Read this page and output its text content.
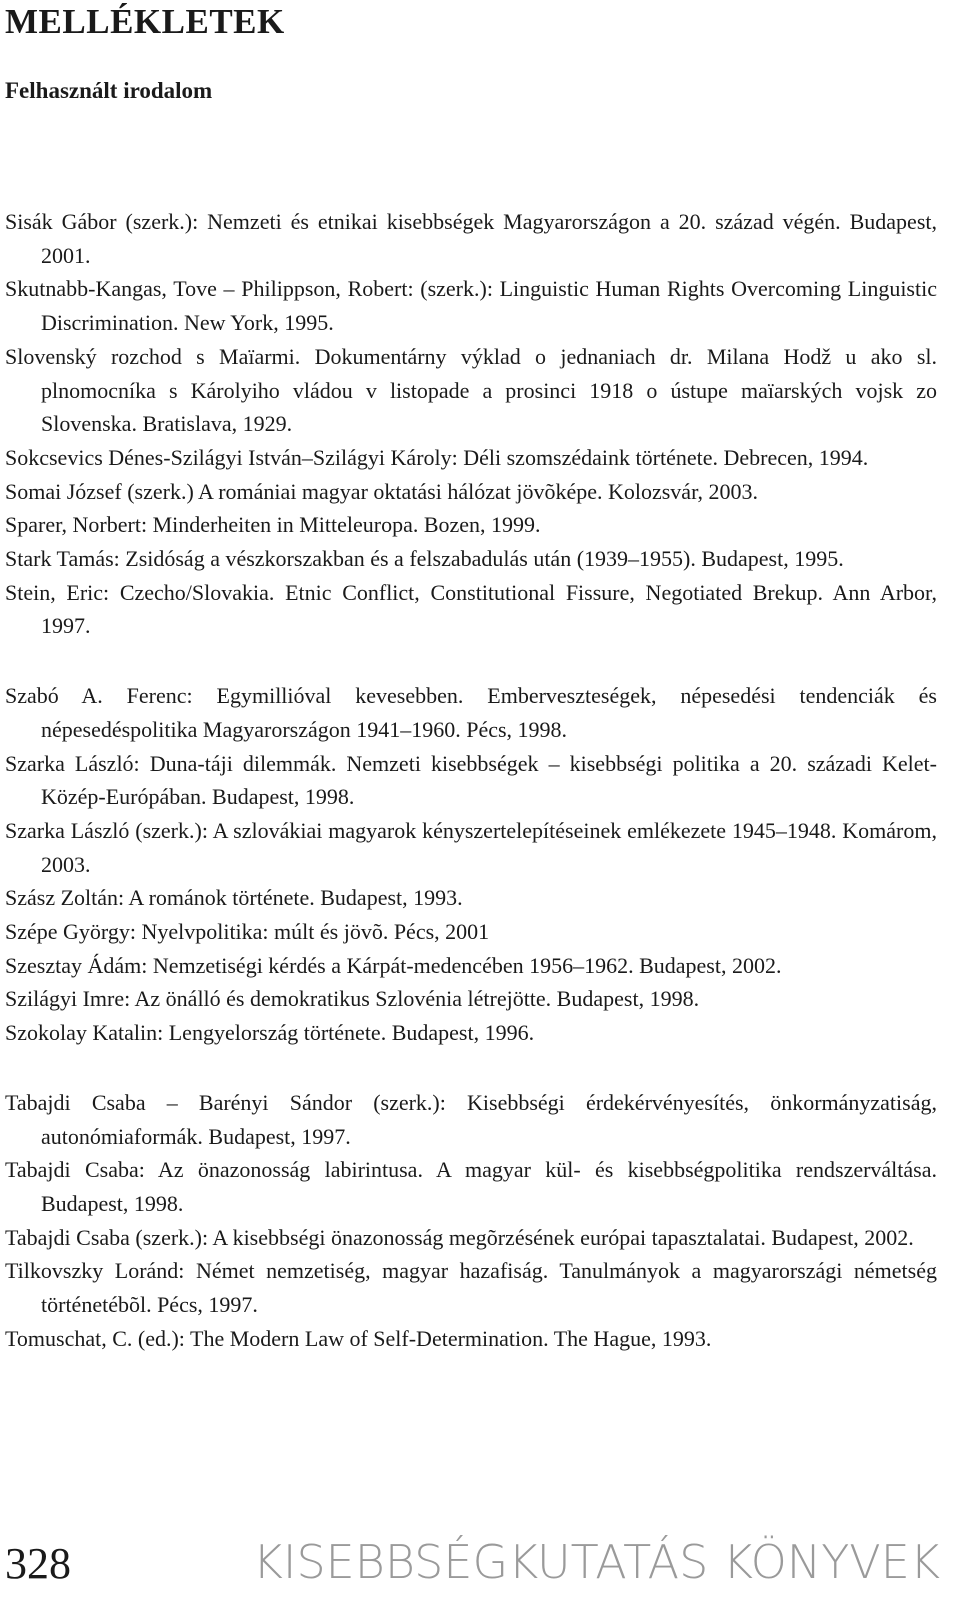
MELLÉKLETEK
Felhasznált irodalom

Sisák Gábor (szerk.): Nemzeti és etnikai kisebbségek Magyarországon a 20. század végén. Budapest, 2001.

Skutnabb-Kangas, Tove – Philippson, Robert: (szerk.): Linguistic Human Rights Overcoming Linguistic Discrimination. New York, 1995.

Slovenský rozchod s Maïarmi. Dokumentárny výklad o jednaniach dr. Milana Hodž u ako sl. plnomocníka s Károlyiho vládou v listopade a prosinci 1918 o ústupe maïarských vojsk zo Slovenska. Bratislava, 1929.

Sokcsevics Dénes-Szilágyi István–Szilágyi Károly: Déli szomszédaink története. Debrecen, 1994.

Somai József (szerk.) A romániai magyar oktatási hálózat jövõképe. Kolozsvár, 2003.

Sparer, Norbert: Minderheiten in Mitteleuropa. Bozen, 1999.

Stark Tamás: Zsidóság a vészkorszakban és a felszabadulás után (1939–1955). Budapest, 1995.

Stein, Eric: Czecho/Slovakia. Etnic Conflict, Constitutional Fissure, Negotiated Brekup. Ann Arbor, 1997.

Szabó A. Ferenc: Egymillióval kevesebben. Emberveszteségek, népesedési tendenciák és népesedéspolitika Magyarországon 1941–1960. Pécs, 1998.

Szarka László: Duna-táji dilemmák. Nemzeti kisebbségek – kisebbségi politika a 20. századi Kelet-Közép-Európában. Budapest, 1998.

Szarka László (szerk.): A szlovákiai magyarok kényszertelepítéseinek emlékezete 1945–1948. Komárom, 2003.

Szász Zoltán: A románok története. Budapest, 1993.

Szépe György: Nyelvpolitika: múlt és jövõ. Pécs, 2001

Szesztay Ádám: Nemzetiségi kérdés a Kárpát-medencében 1956–1962. Budapest, 2002.

Szilágyi Imre: Az önálló és demokratikus Szlovénia létrejötte. Budapest, 1998.

Szokolay Katalin: Lengyelország története. Budapest, 1996.

Tabajdi Csaba – Barényi Sándor (szerk.): Kisebbségi érdekérvényesítés, önkormányzatiság, autonómiaformák. Budapest, 1997.

Tabajdi Csaba: Az önazonosság labirintusa. A magyar kül- és kisebbségpolitika rendszerváltása. Budapest, 1998.

Tabajdi Csaba (szerk.): A kisebbségi önazonosság megõrzésének európai tapasztalatai. Budapest, 2002.

Tilkovszky Loránd: Német nemzetiség, magyar hazafiság. Tanulmányok a magyarországi németség történetébõl. Pécs, 1997.

Tomuschat, C. (ed.): The Modern Law of Self-Determination. The Hague, 1993.

328	KISEBBSÉGKUTATÁS KÖNYVEK
